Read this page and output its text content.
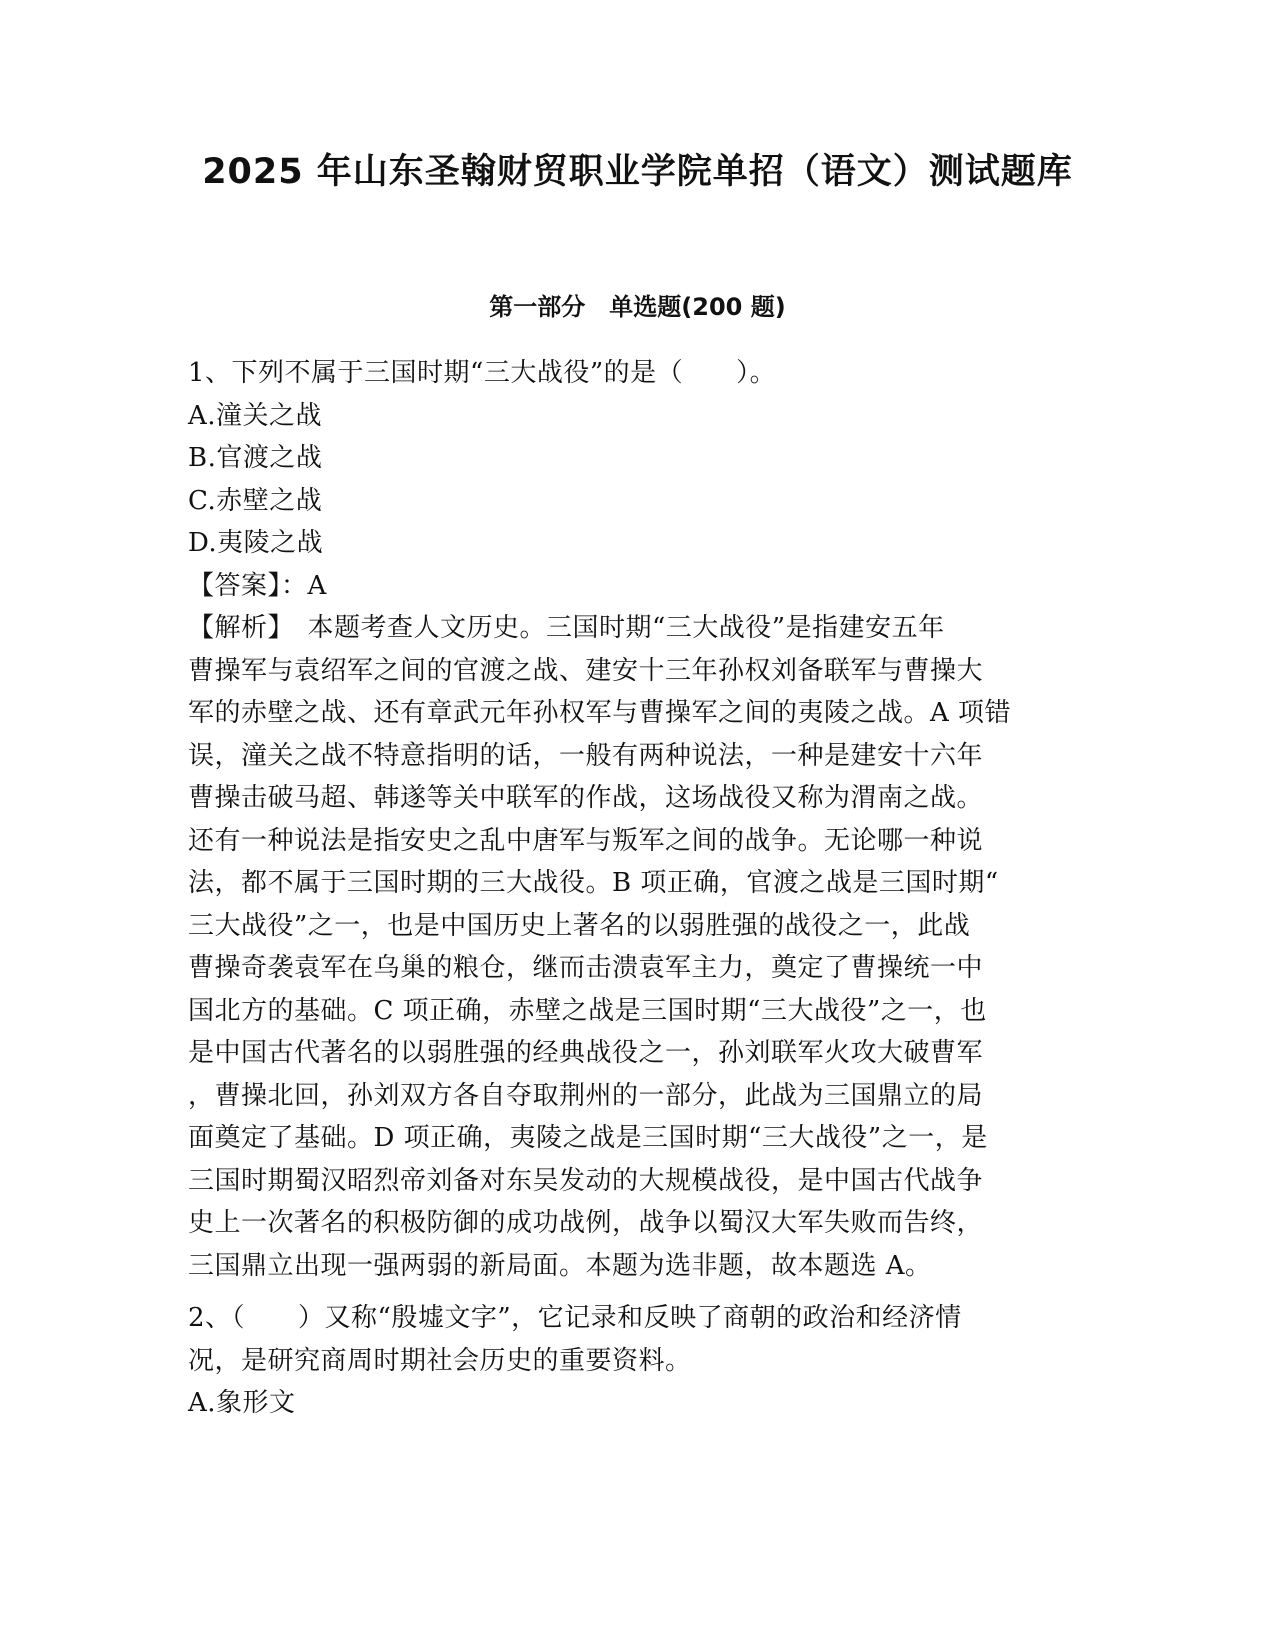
2025 年山东圣翰财贸职业学院单招（语文）测试题库
第一部分　单选题(200 题)
1、下列不属于三国时期“三大战役”的是（　　）。
A.潼关之战
B.官渡之战
C.赤壁之战
D.夷陵之战
【答案】：A
【解析】　本题考查人文历史。三国时期“三大战役”是指建安五年
曹操军与袁绍军之间的官渡之战、建安十三年孙权刘备联军与曹操大
军的赤壁之战、还有章武元年孙权军与曹操军之间的夷陵之战。A 项错
误，潼关之战不特意指明的话，一般有两种说法，一种是建安十六年
曹操击破马超、韩遂等关中联军的作战，这场战役又称为渭南之战。
还有一种说法是指安史之乱中唐军与叛军之间的战争。无论哪一种说
法，都不属于三国时期的三大战役。B 项正确，官渡之战是三国时期“
三大战役”之一，也是中国历史上著名的以弱胜强的战役之一，此战
曹操奇袭袁军在乌巢的粮仓，继而击溃袁军主力，奠定了曹操统一中
国北方的基础。C 项正确，赤壁之战是三国时期“三大战役”之一，也
是中国古代著名的以弱胜强的经典战役之一，孙刘联军火攻大破曹军
，曹操北回，孙刘双方各自夺取荆州的一部分，此战为三国鼎立的局
面奠定了基础。D 项正确，夷陵之战是三国时期“三大战役”之一，是
三国时期蜀汉昭烈帝刘备对东吴发动的大规模战役，是中国古代战争
史上一次著名的积极防御的成功战例，战争以蜀汉大军失败而告终，
三国鼎立出现一强两弱的新局面。本题为选非题，故本题选 A。
2、（　　）又称“殷墟文字”，它记录和反映了商朝的政治和经济情
况，是研究商周时期社会历史的重要资料。
A.象形文
